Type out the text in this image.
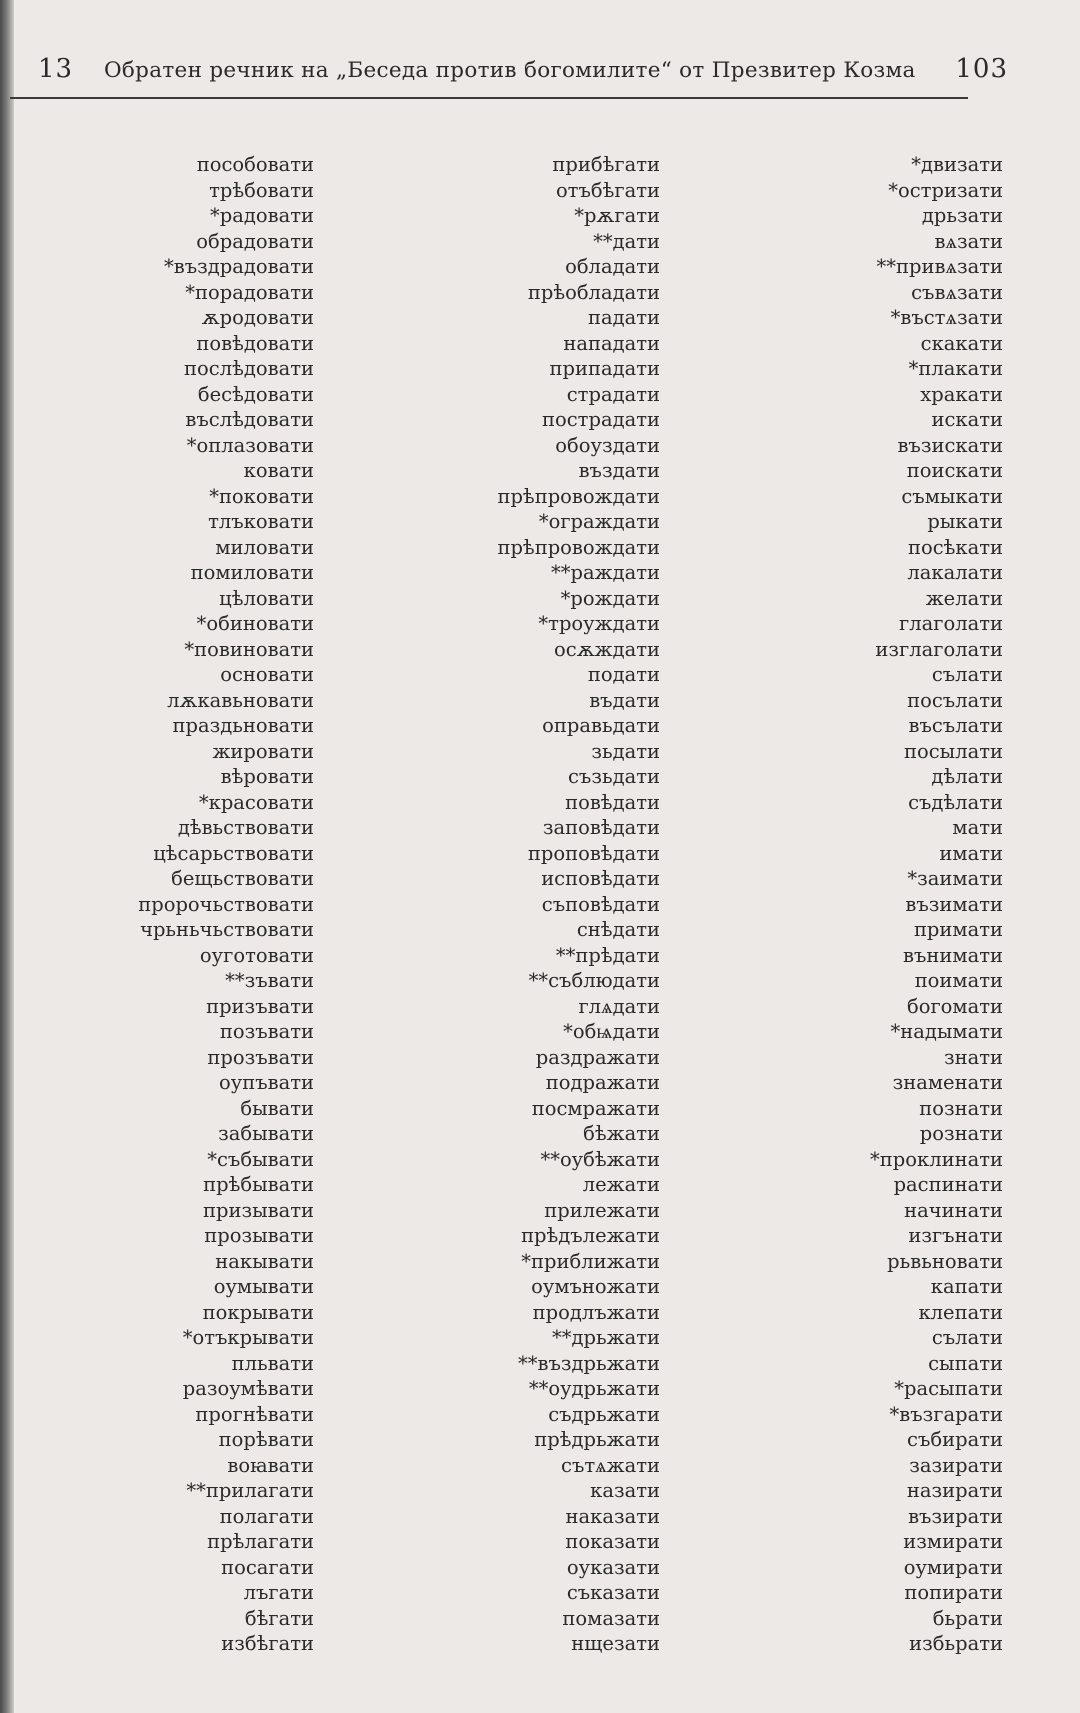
13 Обратен речник на „Беседа против богомилите“ от Презвитер Козма 103
пособовати
трѣбовати
*радовати
обрадовати
*въздрадовати
*порадовати
ѫродовати
повѣдовати
послѣдовати
бесѣдовати
въслѣдовати
*оплазовати
ковати
*поковати
тлъковати
миловати
помиловати
цѣловати
*обиновати
*повиновати
основати
лѫкавьновати
праздьновати
жировати
вѣровати
*красовати
дѣвьствовати
цѣсарьствовати
бещьствовати
пророчьствовати
чрьньчьствовати
оуготовати
**зъвати
призъвати
позъвати
прозъвати
оупъвати
бывати
забывати
*събывати
прѣбывати
призывати
прозывати
накывати
оумывати
покрывати
*отъкрывати
пльвати
разоумѣвати
прогнѣвати
порѣвати
воꙗвати
**прилагати
полагати
прѣлагати
посагати
лъгати
бѣгати
избѣгати
прибѣгати
отъбѣгати
*рѫгати
**дати
обладати
прѣобладати
падати
нападати
припадати
страдати
пострадати
обоуздати
въздати
прѣпровождати
*ограждати
прѣпровождати
**раждати
*рождати
*троуждати
осѫждати
подати
въдати
оправьдати
зьдати
съзьдати
повѣдати
заповѣдати
проповѣдати
исповѣдати
съповѣдати
снѣдати
**прѣдати
**съблюдати
глѧдати
*обѩдати
раздражати
подражати
посмражати
бѣжати
**оубѣжати
лежати
прилежати
прѣдълежати
*приближати
оумъножати
продлъжати
**дрьжати
**въздрьжати
**оудрьжати
съдрьжати
прѣдрьжати
сътѧжати
казати
наказати
показати
оуказати
съказати
помазати
нщезати
*двизати
*остризати
дрьзати
вѧзати
**привѧзати
съвѧзати
*въстѧзати
скакати
*плакати
хракати
искати
възискати
поискати
съмыкати
рыкати
посѣкати
лакалати
желати
глаголати
изглаголати
сълати
посълати
въсълати
посылати
дѣлати
съдѣлати
мати
имати
*заимати
възимати
примати
вънимати
поимати
богомати
*надымати
знати
знаменати
познати
рознати
*проклинати
распинати
начинати
изгънати
рьвьновати
капати
клепати
сълати
сыпати
*расыпати
*възгарати
събирати
зазирати
назирати
възирати
измирати
оумирати
попирати
бьрати
избьрати
